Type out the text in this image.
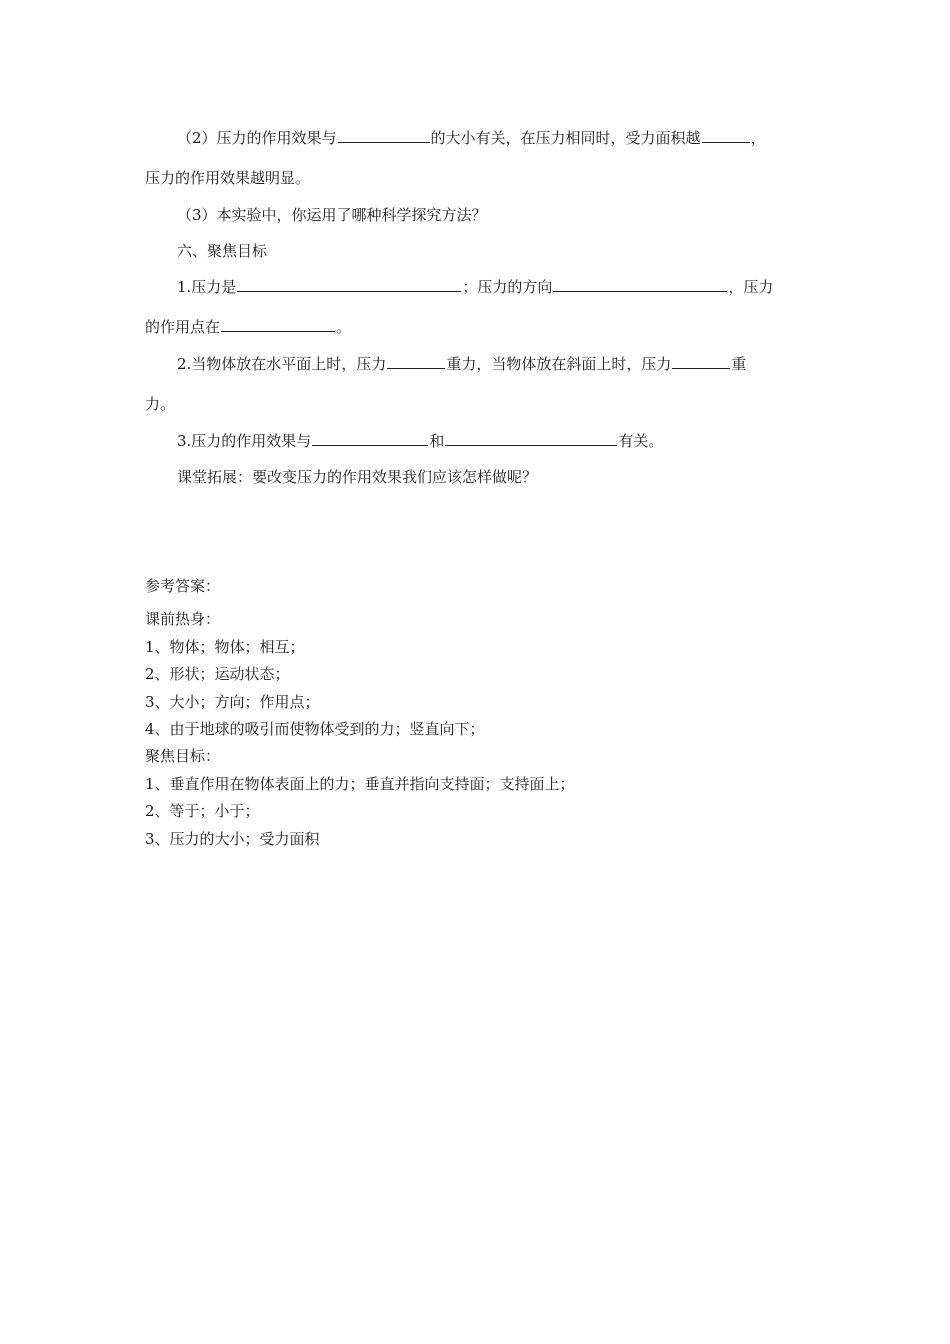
（2）压力的作用效果与	的大小有关，在压力相同时，受力面积越	，
压力的作用效果越明显。
（3）本实验中，你运用了哪种科学探究方法？
六、聚焦目标
1.压力是	；压力的方向	，压力
的作用点在	。
2.当物体放在水平面上时，压力	重力，当物体放在斜面上时，压力	重
力。
3.压力的作用效果与	和	有关。
课堂拓展：要改变压力的作用效果我们应该怎样做呢？
参考答案：
课前热身：
1、物体；物体；相互；
2、形状；运动状态；
3、大小；方向；作用点；
4、由于地球的吸引而使物体受到的力；竖直向下；
聚焦目标：
1、垂直作用在物体表面上的力；垂直并指向支持面；支持面上；
2、等于；小于；
3、压力的大小；受力面积
